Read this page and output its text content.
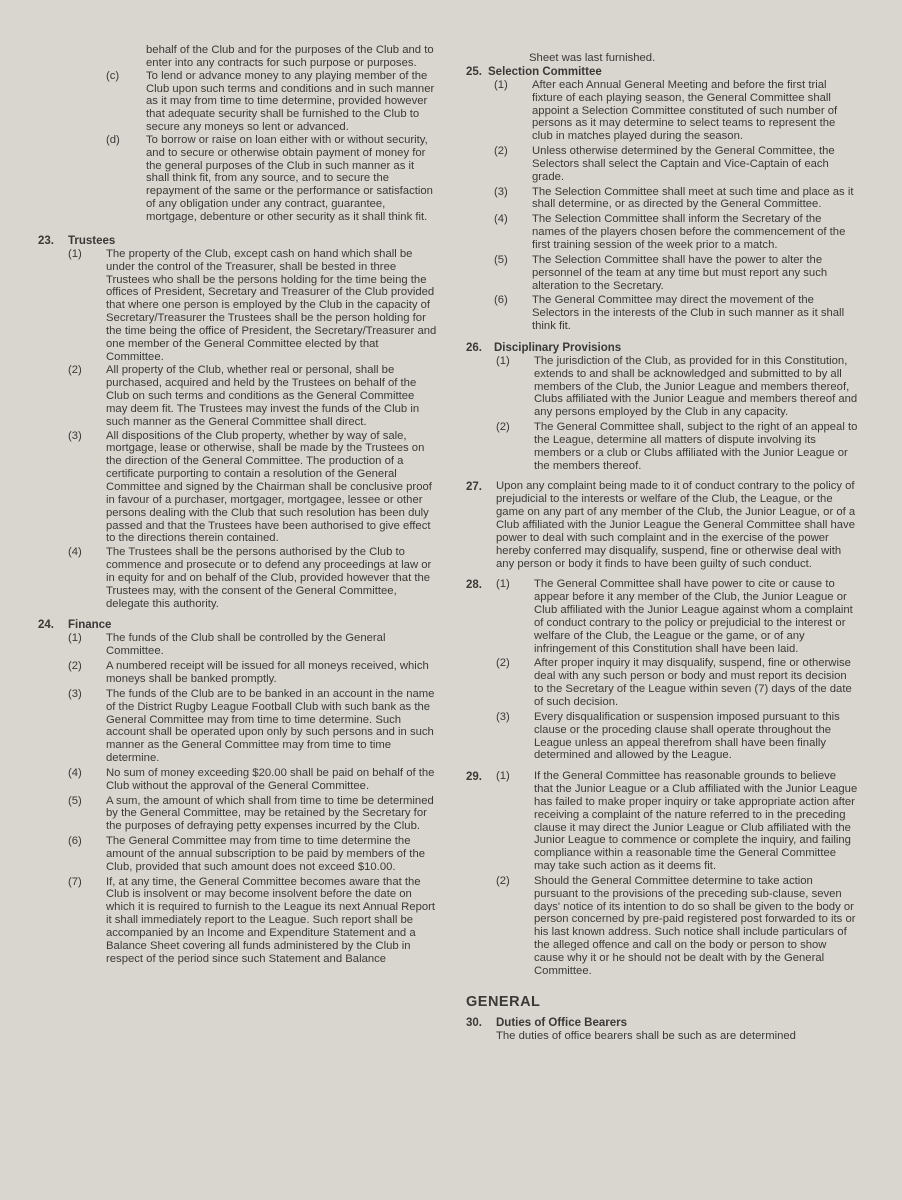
behalf of the Club and for the purposes of the Club and to enter into any contracts for such purpose or purposes.
(c)	To lend or advance money to any playing member of the Club upon such terms and conditions and in such manner as it may from time to time determine, provided however that adequate security shall be furnished to the Club to secure any moneys so lent or advanced.
(d)	To borrow or raise on loan either with or without security, and to secure or otherwise obtain payment of money for the general purposes of the Club in such manner as it shall think fit, from any source, and to secure the repayment of the same or the performance or satisfaction of any obligation under any contract, guarantee, mortgage, debenture or other security as it shall think fit.
23. Trustees
(1)	The property of the Club, except cash on hand which shall be under the control of the Treasurer, shall be bested in three Trustees who shall be the persons holding for the time being the offices of President, Secretary and Treasurer of the Club provided that where one person is employed by the Club in the capacity of Secretary/Treasurer the Trustees shall be the person holding for the time being the office of President, the Secretary/Treasurer and one member of the General Committee elected by that Committee.
(2)	All property of the Club, whether real or personal, shall be purchased, acquired and held by the Trustees on behalf of the Club on such terms and conditions as the General Committee may deem fit. The Trustees may invest the funds of the Club in such manner as the General Committee shall direct.
(3)	All dispositions of the Club property, whether by way of sale, mortgage, lease or otherwise, shall be made by the Trustees on the direction of the General Committee. The production of a certificate purporting to contain a resolution of the General Committee and signed by the Chairman shall be conclusive proof in favour of a purchaser, mortgager, mortgagee, lessee or other persons dealing with the Club that such resolution has been duly passed and that the Trustees have been authorised to give effect to the directions therein contained.
(4)	The Trustees shall be the persons authorised by the Club to commence and prosecute or to defend any proceedings at law or in equity for and on behalf of the Club, provided however that the Trustees may, with the consent of the General Committee, delegate this authority.
24. Finance
(1)	The funds of the Club shall be controlled by the General Committee.
(2)	A numbered receipt will be issued for all moneys received, which moneys shall be banked promptly.
(3)	The funds of the Club are to be banked in an account in the name of the District Rugby League Football Club with such bank as the General Committee may from time to time determine. Such account shall be operated upon only by such persons and in such manner as the General Committee may from time to time determine.
(4)	No sum of money exceeding $20.00 shall be paid on behalf of the Club without the approval of the General Committee.
(5)	A sum, the amount of which shall from time to time be determined by the General Committee, may be retained by the Secretary for the purposes of defraying petty expenses incurred by the Club.
(6)	The General Committee may from time to time determine the amount of the annual subscription to be paid by members of the Club, provided that such amount does not exceed $10.00.
(7)	If, at any time, the General Committee becomes aware that the Club is insolvent or may become insolvent before the date on which it is required to furnish to the League its next Annual Report it shall immediately report to the League. Such report shall be accompanied by an Income and Expenditure Statement and a Balance Sheet covering all funds administered by the Club in respect of the period since such Statement and Balance
Sheet was last furnished.
25. Selection Committee
(1)	After each Annual General Meeting and before the first trial fixture of each playing season, the General Committee shall appoint a Selection Committee constituted of such number of persons as it may determine to select teams to represent the club in matches played during the season.
(2)	Unless otherwise determined by the General Committee, the Selectors shall select the Captain and Vice-Captain of each grade.
(3)	The Selection Committee shall meet at such time and place as it shall determine, or as directed by the General Committee.
(4)	The Selection Committee shall inform the Secretary of the names of the players chosen before the commencement of the first training session of the week prior to a match.
(5)	The Selection Committee shall have the power to alter the personnel of the team at any time but must report any such alteration to the Secretary.
(6)	The General Committee may direct the movement of the Selectors in the interests of the Club in such manner as it shall think fit.
26. Disciplinary Provisions
(1)	The jurisdiction of the Club, as provided for in this Constitution, extends to and shall be acknowledged and submitted to by all members of the Club, the Junior League and members thereof, Clubs affiliated with the Junior League and members thereof and any persons employed by the Club in any capacity.
(2)	The General Committee shall, subject to the right of an appeal to the League, determine all matters of dispute involving its members or a club or Clubs affiliated with the Junior League or the members thereof.
27.	Upon any complaint being made to it of conduct contrary to the policy of prejudicial to the interests or welfare of the Club, the League, or the game on any part of any member of the Club, the Junior League, or of a Club affiliated with the Junior League the General Committee shall have power to deal with such complaint and in the exercise of the power hereby conferred may disqualify, suspend, fine or otherwise deal with any person or body it finds to have been guilty of such conduct.
28.	(1)	The General Committee shall have power to cite or cause to appear before it any member of the Club, the Junior League or Club affiliated with the Junior League against whom a complaint of conduct contrary to the policy or prejudicial to the interest or welfare of the Club, the League or the game, or of any infringement of this Constitution shall have been laid.
(2)	After proper inquiry it may disqualify, suspend, fine or otherwise deal with any such person or body and must report its decision to the Secretary of the League within seven (7) days of the date of such decision.
(3)	Every disqualification or suspension imposed pursuant to this clause or the proceding clause shall operate throughout the League unless an appeal therefrom shall have been finally determined and allowed by the League.
29.	(1)	If the General Committee has reasonable grounds to believe that the Junior League or a Club affiliated with the Junior League has failed to make proper inquiry or take appropriate action after receiving a complaint of the nature referred to in the preceding clause it may direct the Junior League or Club affiliated with the Junior League to commence or complete the inquiry, and failing compliance within a reasonable time the General Committee may take such action as it deems fit.
(2)	Should the General Committee determine to take action pursuant to the provisions of the preceding sub-clause, seven days' notice of its intention to do so shall be given to the body or person concerned by pre-paid registered post forwarded to its or his last known address. Such notice shall include particulars of the alleged offence and call on the body or person to show cause why it or he should not be dealt with by the General Committee.
GENERAL
30. Duties of Office Bearers
The duties of office bearers shall be such as are determined
